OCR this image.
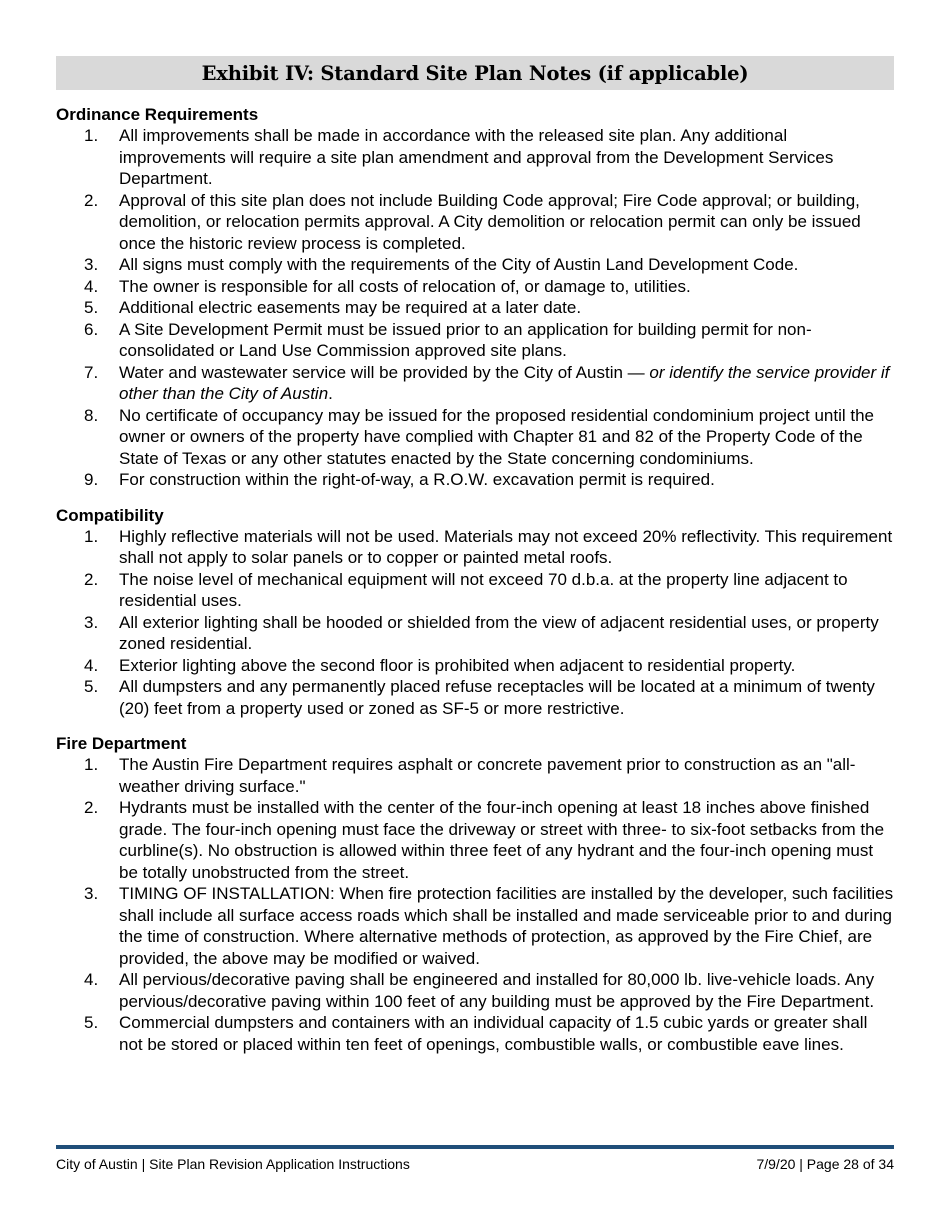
Exhibit IV: Standard Site Plan Notes (if applicable)
Ordinance Requirements
1. All improvements shall be made in accordance with the released site plan. Any additional improvements will require a site plan amendment and approval from the Development Services Department.
2. Approval of this site plan does not include Building Code approval; Fire Code approval; or building, demolition, or relocation permits approval. A City demolition or relocation permit can only be issued once the historic review process is completed.
3. All signs must comply with the requirements of the City of Austin Land Development Code.
4. The owner is responsible for all costs of relocation of, or damage to, utilities.
5. Additional electric easements may be required at a later date.
6. A Site Development Permit must be issued prior to an application for building permit for non-consolidated or Land Use Commission approved site plans.
7. Water and wastewater service will be provided by the City of Austin — or identify the service provider if other than the City of Austin.
8. No certificate of occupancy may be issued for the proposed residential condominium project until the owner or owners of the property have complied with Chapter 81 and 82 of the Property Code of the State of Texas or any other statutes enacted by the State concerning condominiums.
9. For construction within the right-of-way, a R.O.W. excavation permit is required.
Compatibility
1. Highly reflective materials will not be used. Materials may not exceed 20% reflectivity. This requirement shall not apply to solar panels or to copper or painted metal roofs.
2. The noise level of mechanical equipment will not exceed 70 d.b.a. at the property line adjacent to residential uses.
3. All exterior lighting shall be hooded or shielded from the view of adjacent residential uses, or property zoned residential.
4. Exterior lighting above the second floor is prohibited when adjacent to residential property.
5. All dumpsters and any permanently placed refuse receptacles will be located at a minimum of twenty (20) feet from a property used or zoned as SF-5 or more restrictive.
Fire Department
1. The Austin Fire Department requires asphalt or concrete pavement prior to construction as an "all-weather driving surface."
2. Hydrants must be installed with the center of the four-inch opening at least 18 inches above finished grade. The four-inch opening must face the driveway or street with three- to six-foot setbacks from the curbline(s). No obstruction is allowed within three feet of any hydrant and the four-inch opening must be totally unobstructed from the street.
3. TIMING OF INSTALLATION: When fire protection facilities are installed by the developer, such facilities shall include all surface access roads which shall be installed and made serviceable prior to and during the time of construction. Where alternative methods of protection, as approved by the Fire Chief, are provided, the above may be modified or waived.
4. All pervious/decorative paving shall be engineered and installed for 80,000 lb. live-vehicle loads. Any pervious/decorative paving within 100 feet of any building must be approved by the Fire Department.
5. Commercial dumpsters and containers with an individual capacity of 1.5 cubic yards or greater shall not be stored or placed within ten feet of openings, combustible walls, or combustible eave lines.
City of Austin | Site Plan Revision Application Instructions	7/9/20 | Page 28 of 34
